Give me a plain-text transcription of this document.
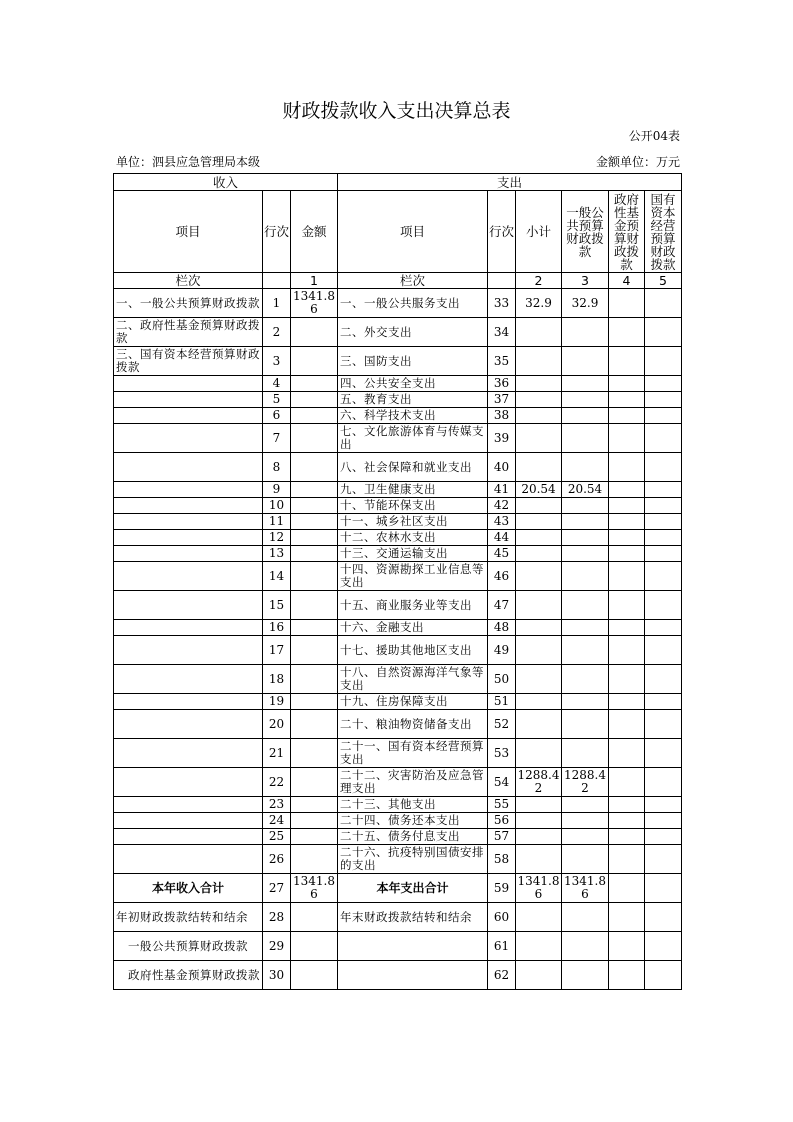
财政拨款收入支出决算总表
公开04表
单位：泗县应急管理局本级	金额单位：万元
收入			支出					
项目	行次	金额	项目	行次	小计	一般公共预算财政拨款	政府性基金预算财政拨款	国有资本经营预算财政拨款
栏次		1	栏次		2	3	4	5
一、一般公共预算财政拨款	1	1341.86	一、一般公共服务支出	33	32.9	32.9		
二、政府性基金预算财政拨款	2		二、外交支出	34				
三、国有资本经营预算财政拨款	3		三、国防支出	35				
	4		四、公共安全支出	36				
	5		五、教育支出	37				
	6		六、科学技术支出	38				
	7		七、文化旅游体育与传媒支出	39				
	8		八、社会保障和就业支出	40				
	9		九、卫生健康支出	41	20.54	20.54		
	10		十、节能环保支出	42				
	11		十一、城乡社区支出	43				
	12		十二、农林水支出	44				
	13		十三、交通运输支出	45				
	14		十四、资源勘探工业信息等支出	46				
	15		十五、商业服务业等支出	47				
	16		十六、金融支出	48				
	17		十七、援助其他地区支出	49				
	18		十八、自然资源海洋气象等支出	50				
	19		十九、住房保障支出	51				
	20		二十、粮油物资储备支出	52				
	21		二十一、国有资本经营预算支出	53				
	22		二十二、灾害防治及应急管理支出	54	1288.42	1288.42		
	23		二十三、其他支出	55				
	24		二十四、债务还本支出	56				
	25		二十五、债务付息支出	57				
	26		二十六、抗疫特别国债安排的支出	58				
本年收入合计	27	1341.86	本年支出合计	59	1341.86	1341.86		
年初财政拨款结转和结余	28		年末财政拨款结转和结余	60				
一般公共预算财政拨款	29			61				
政府性基金预算财政拨款	30			62				
